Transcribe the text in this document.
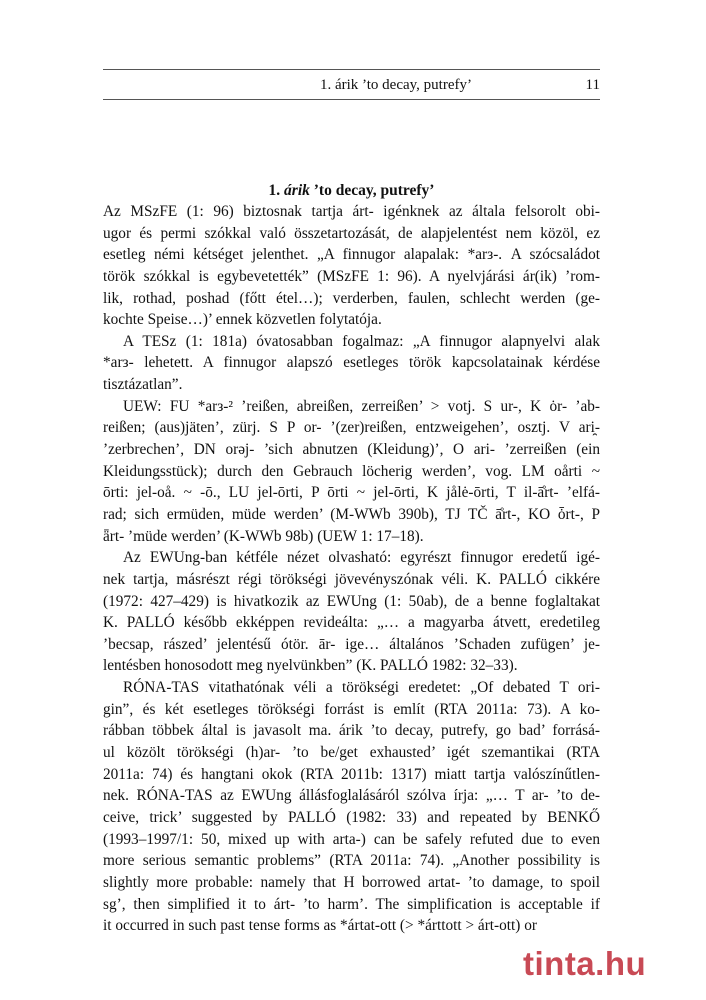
1. árik ’to decay, putrefy’	11
1. árik ’to decay, putrefy’
Az MSzFE (1: 96) biztosnak tartja árt- igénknek az általa felsorolt obi-
ugor és permi szókkal való összetartozását, de alapjelentést nem közöl, ez
esetleg némi kétséget jelenthet. „A finnugor alapalak: *arз-. A szócsaládot
török szókkal is egybevetették” (MSzFE 1: 96). A nyelvjárási ár(ik) ’rom-
lik, rothad, poshad (főtt étel…); verderben, faulen, schlecht werden (ge-
kochte Speise…)’ ennek közvetlen folytatója.
A TESz (1: 181a) óvatosabban fogalmaz: „A finnugor alapnyelvi alak
*arз- lehetett. A finnugor alapszó esetleges török kapcsolatainak kérdése
tisztázatlan”.
UEW: FU *arз-² ’reißen, abreißen, zerreißen’ > votj. S ur-, K ȯr- ’ab-
reißen; (aus)jäten’, zürj. S P or- ’(zer)reißen, entzweigehen’, osztj. V ari̯-
’zerbrechen’, DN orəj- ’sich abnutzen (Kleidung)’, O ari- ’zerreißen (ein
Kleidungsstück); durch den Gebrauch löcherig werden’, vog. LM oårti ~
ōrti: jel-oå. ~ -ō., LU jel-ōrti, P ōrti ~ jel-ōrti, K jålė-ōrti, T il-ā̊rt- ’elfá-
rad; sich ermüden, müde werden’ (M-WWb 390b), TJ TČ ā̊rt-, KO ȱrt-, P
ǟrt- ’müde werden’ (K-WWb 98b) (UEW 1: 17–18).
Az EWUng-ban kétféle nézet olvasható: egyrészt finnugor eredetű igé-
nek tartja, másrészt régi törökségi jövevényszónak véli. K. PALLÓ cikkére
(1972: 427–429) is hivatkozik az EWUng (1: 50ab), de a benne foglaltakat
K. PALLÓ később ekképpen revideálta: „… a magyarba átvett, eredetileg
’becsap, rászed’ jelentésű ótör. ār- ige… általános ’Schaden zufügen’ je-
lentésben honosodott meg nyelvünkben” (K. PALLÓ 1982: 32–33).
RÓNA-TAS vitathatónak véli a törökségi eredetet: „Of debated T ori-
gin”, és két esetleges törökségi forrást is említ (RTA 2011a: 73). A ko-
rábban többek által is javasolt ma. árik ’to decay, putrefy, go bad’ forrásá-
ul közölt törökségi (h)ar- ’to be/get exhausted’ igét szemantikai (RTA
2011a: 74) és hangtani okok (RTA 2011b: 1317) miatt tartja valószínűtlen-
nek. RÓNA-TAS az EWUng állásfoglalásáról szólva írja: „… T ar- ’to de-
ceive, trick’ suggested by PALLÓ (1982: 33) and repeated by BENKŐ
(1993–1997/1: 50, mixed up with arta-) can be safely refuted due to even
more serious semantic problems” (RTA 2011a: 74). „Another possibility is
slightly more probable: namely that H borrowed artat- ’to damage, to spoil
sg’, then simplified it to árt- ’to harm’. The simplification is acceptable if
it occurred in such past tense forms as *ártat-ott (> *árttott > árt-ott) or
tinta.hu
